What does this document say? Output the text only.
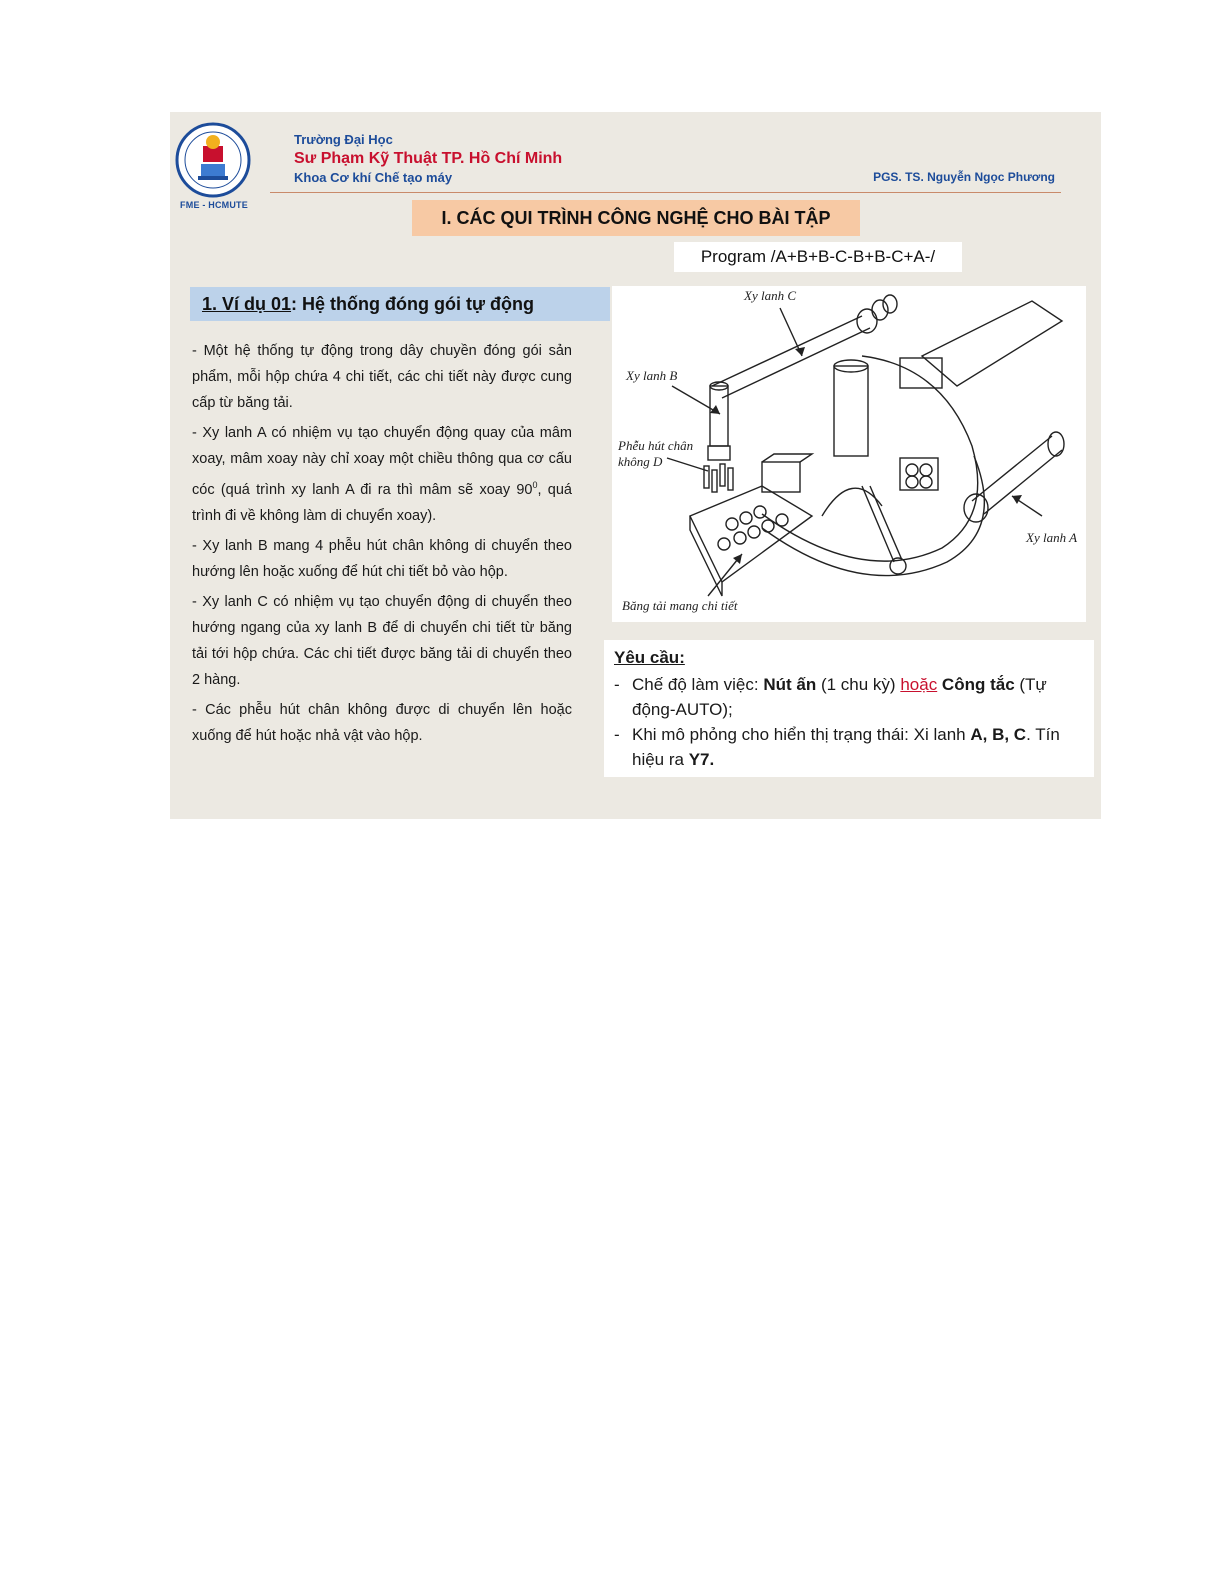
FME - HCMUTE
Trường Đại Học
Sư Phạm Kỹ Thuật TP. Hồ Chí Minh
Khoa Cơ khí Chế tạo máy	PGS. TS. Nguyễn Ngọc Phương
I. CÁC QUI TRÌNH CÔNG NGHỆ CHO BÀI TẬP
Program /A+B+B-C-B+B-C+A-/
1. Ví dụ 01 : Hệ thống đóng gói tự động

- Một hệ thống tự động trong dây chuyền đóng gói sản phẩm, mỗi hộp chứa 4 chi tiết, các chi tiết này được cung cấp từ băng tải.

- Xy lanh A có nhiệm vụ tạo chuyển động quay của mâm xoay, mâm xoay này chỉ xoay một chiều thông qua cơ cấu cóc (quá trình xy lanh A đi ra thì mâm sẽ xoay $90^0$, quá trình đi về không làm di chuyển xoay).

- Xy lanh B mang 4 phễu hút chân không di chuyển theo hướng lên hoặc xuống để hút chi tiết bỏ vào hộp.

- Xy lanh C có nhiệm vụ tạo chuyển động di chuyển theo hướng ngang của xy lanh B để di chuyển chi tiết từ băng tải tới hộp chứa. Các chi tiết được băng tải di chuyển theo 2 hàng.

- Các phễu hút chân không được di chuyển lên hoặc xuống để hút hoặc nhả vật vào hộp.

Xy lanh C
Xy lanh B
Phễu hút chân
không D
Xy lanh A
Băng tải mang chi tiết
Yêu cầu:
- Chế độ làm việc: Nút ấn (1 chu kỳ) hoặc Công tắc (Tự động-AUTO);
- Khi mô phỏng cho hiển thị trạng thái: Xi lanh A, B, C. Tín hiệu ra Y7.
